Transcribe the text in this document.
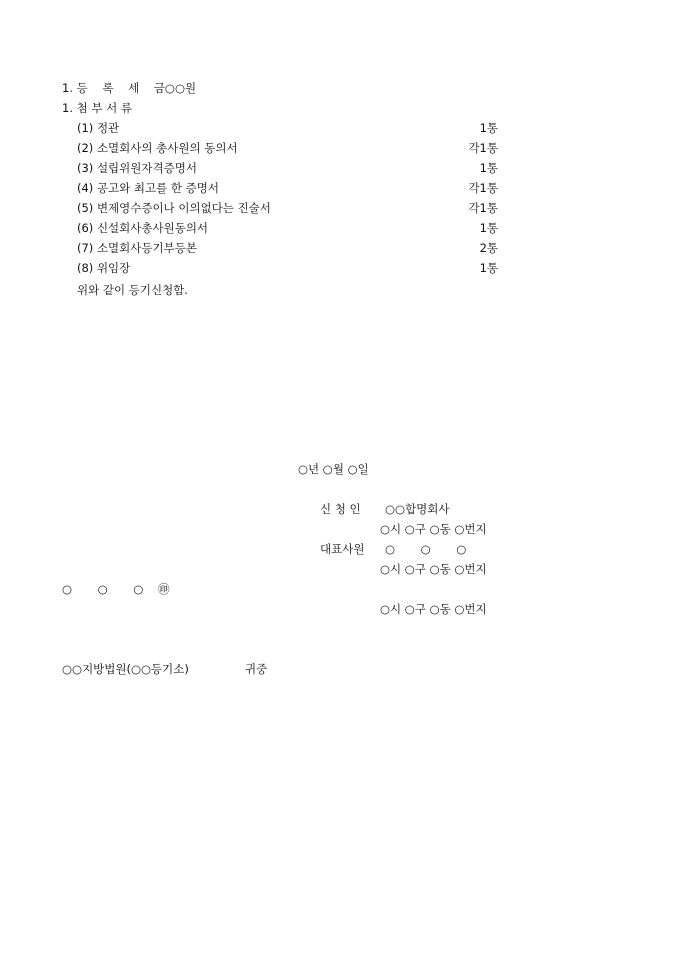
1. 등    록    세    금○○원
1. 첨 부 서 류
(1) 정관	1통
(2) 소멸회사의 총사원의 동의서	각1통
(3) 설립위원자격증명서	1통
(4) 공고와 최고를 한 증명서	각1통
(5) 변제영수증이나 이의없다는 진술서	각1통
(6) 신설회사총사원동의서	1통
(7) 소멸회사등기부등본	2통
(8) 위임장	1통
위와 같이 등기신청함.
○년 ○월 ○일
신 청 인 ○○합명회사
○시 ○구 ○동 ○번지
대표사원 ○       ○       ○
○시 ○구 ○동 ○번지
○       ○       ○ ㊞
○시 ○구 ○동 ○번지
○○지방법원(○○등기소)	귀중
